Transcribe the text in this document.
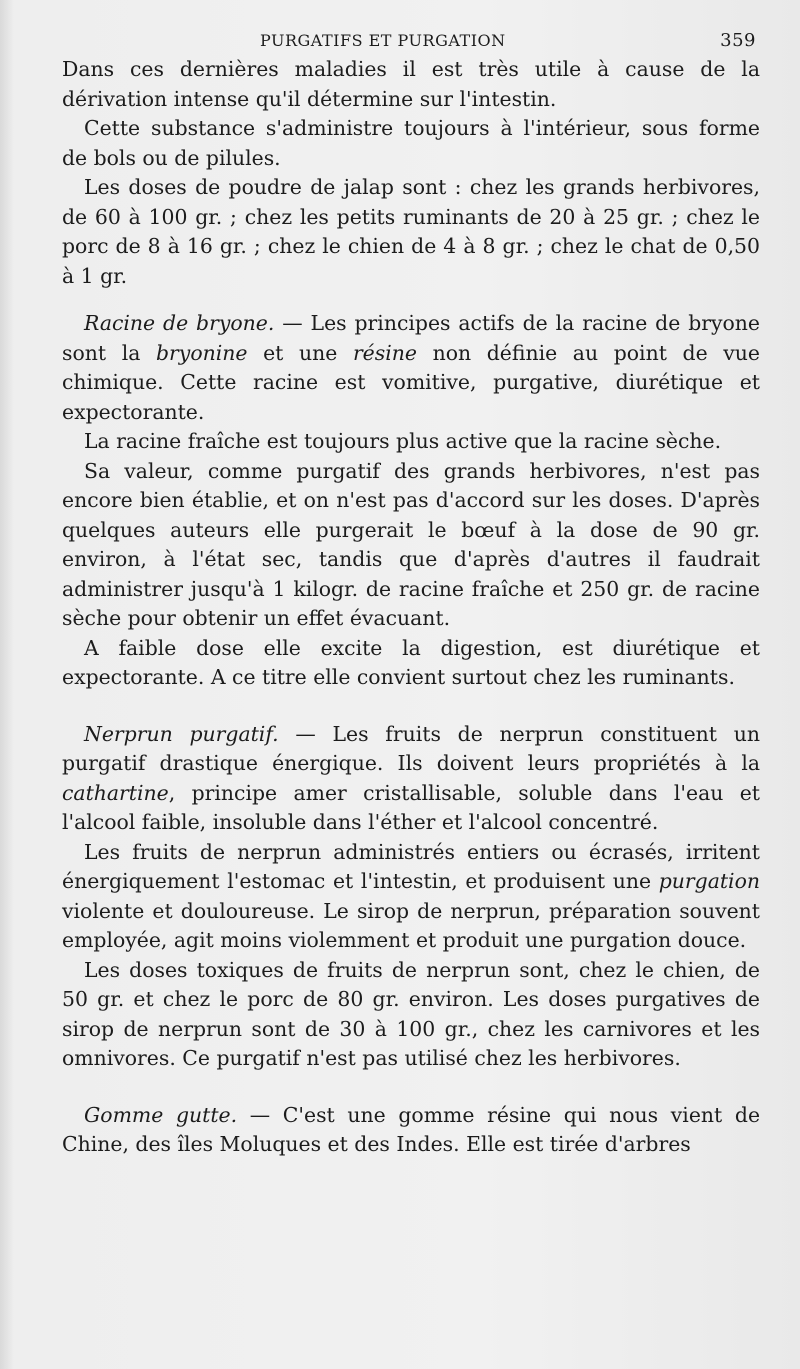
PURGATIFS ET PURGATION	359

Dans ces dernières maladies il est très utile à cause de la dérivation intense qu'il détermine sur l'intestin.

Cette substance s'administre toujours à l'intérieur, sous forme de bols ou de pilules.

Les doses de poudre de jalap sont : chez les grands herbivores, de 60 à 100 gr. ; chez les petits ruminants de 20 à 25 gr. ; chez le porc de 8 à 16 gr. ; chez le chien de 4 à 8 gr. ; chez le chat de 0,50 à 1 gr.

Racine de bryone. — Les principes actifs de la racine de bryone sont la bryonine et une résine non définie au point de vue chimique. Cette racine est vomitive, purgative, diurétique et expectorante.

La racine fraîche est toujours plus active que la racine sèche.

Sa valeur, comme purgatif des grands herbivores, n'est pas encore bien établie, et on n'est pas d'accord sur les doses. D'après quelques auteurs elle purgerait le bœuf à la dose de 90 gr. environ, à l'état sec, tandis que d'après d'autres il faudrait administrer jusqu'à 1 kilogr. de racine fraîche et 250 gr. de racine sèche pour obtenir un effet évacuant.

A faible dose elle excite la digestion, est diurétique et expectorante. A ce titre elle convient surtout chez les ruminants.

Nerprun purgatif. — Les fruits de nerprun constituent un purgatif drastique énergique. Ils doivent leurs propriétés à la cathartine, principe amer cristallisable, soluble dans l'eau et l'alcool faible, insoluble dans l'éther et l'alcool concentré.

Les fruits de nerprun administrés entiers ou écrasés, irritent énergiquement l'estomac et l'intestin, et produisent une purgation violente et douloureuse. Le sirop de nerprun, préparation souvent employée, agit moins violemment et produit une purgation douce.

Les doses toxiques de fruits de nerprun sont, chez le chien, de 50 gr. et chez le porc de 80 gr. environ. Les doses purgatives de sirop de nerprun sont de 30 à 100 gr., chez les carnivores et les omnivores. Ce purgatif n'est pas utilisé chez les herbivores.

Gomme gutte. — C'est une gomme résine qui nous vient de Chine, des îles Moluques et des Indes. Elle est tirée d'arbres
